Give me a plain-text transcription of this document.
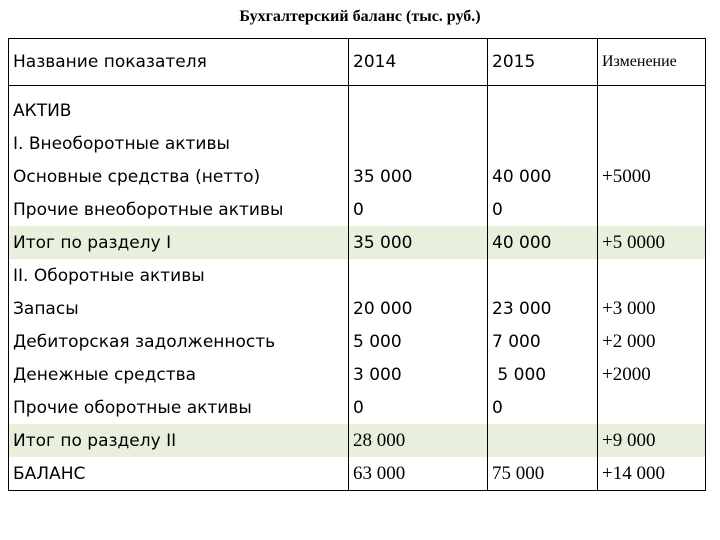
Бухгалтерский баланс (тыс. руб.)
Название показателя	2014	2015	Изменение
АКТИВ			
I. Внеоборотные активы			
Основные средства (нетто)	35 000	40 000	+5000
Прочие внеоборотные активы	0	0	
Итог по разделу I	35 000	40 000	+5 0000
II. Оборотные активы			
Запасы	20 000	23 000	+3 000
Дебиторская задолженность	5 000	7 000	+2 000
Денежные средства	3 000	5 000	+2000
Прочие оборотные активы	0	0	
Итог по разделу II	28 000		+9 000
БАЛАНС	63 000	75 000	+14 000
